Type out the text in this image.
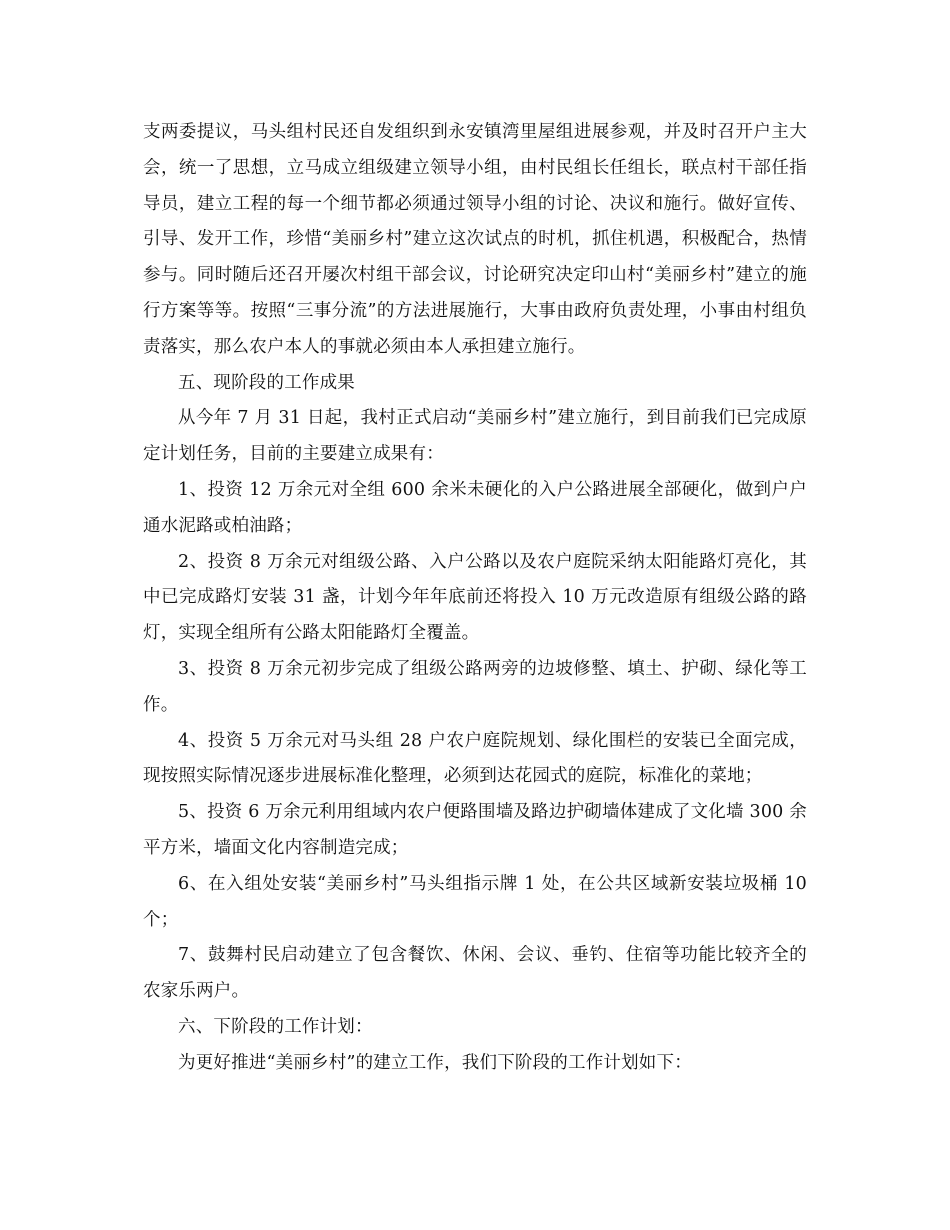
支两委提议，马头组村民还自发组织到永安镇湾里屋组进展参观，并及时召开户主大会，统一了思想，立马成立组级建立领导小组，由村民组长任组长，联点村干部任指导员，建立工程的每一个细节都必须通过领导小组的讨论、决议和施行。做好宣传、引导、发开工作，珍惜“美丽乡村”建立这次试点的时机，抓住机遇，积极配合，热情参与。同时随后还召开屡次村组干部会议，讨论研究决定印山村“美丽乡村”建立的施行方案等等。按照“三事分流”的方法进展施行，大事由政府负责处理，小事由村组负责落实，那么农户本人的事就必须由本人承担建立施行。

五、现阶段的工作成果

从今年 7 月 31 日起，我村正式启动“美丽乡村”建立施行，到目前我们已完成原定计划任务，目前的主要建立成果有：

1、投资 12 万余元对全组 600 余米未硬化的入户公路进展全部硬化，做到户户通水泥路或柏油路；

2、投资 8 万余元对组级公路、入户公路以及农户庭院采纳太阳能路灯亮化，其中已完成路灯安装 31 盏，计划今年年底前还将投入 10 万元改造原有组级公路的路灯，实现全组所有公路太阳能路灯全覆盖。

3、投资 8 万余元初步完成了组级公路两旁的边坡修整、填土、护砌、绿化等工作。

4、投资 5 万余元对马头组 28 户农户庭院规划、绿化围栏的安装已全面完成，现按照实际情况逐步进展标准化整理，必须到达花园式的庭院，标准化的菜地；

5、投资 6 万余元利用组域内农户便路围墙及路边护砌墙体建成了文化墙 300 余平方米，墙面文化内容制造完成；

6、在入组处安装“美丽乡村”马头组指示牌 1 处，在公共区域新安装垃圾桶 10 个；

7、鼓舞村民启动建立了包含餐饮、休闲、会议、垂钓、住宿等功能比较齐全的农家乐两户。

六、下阶段的工作计划：

为更好推进“美丽乡村”的建立工作，我们下阶段的工作计划如下：
